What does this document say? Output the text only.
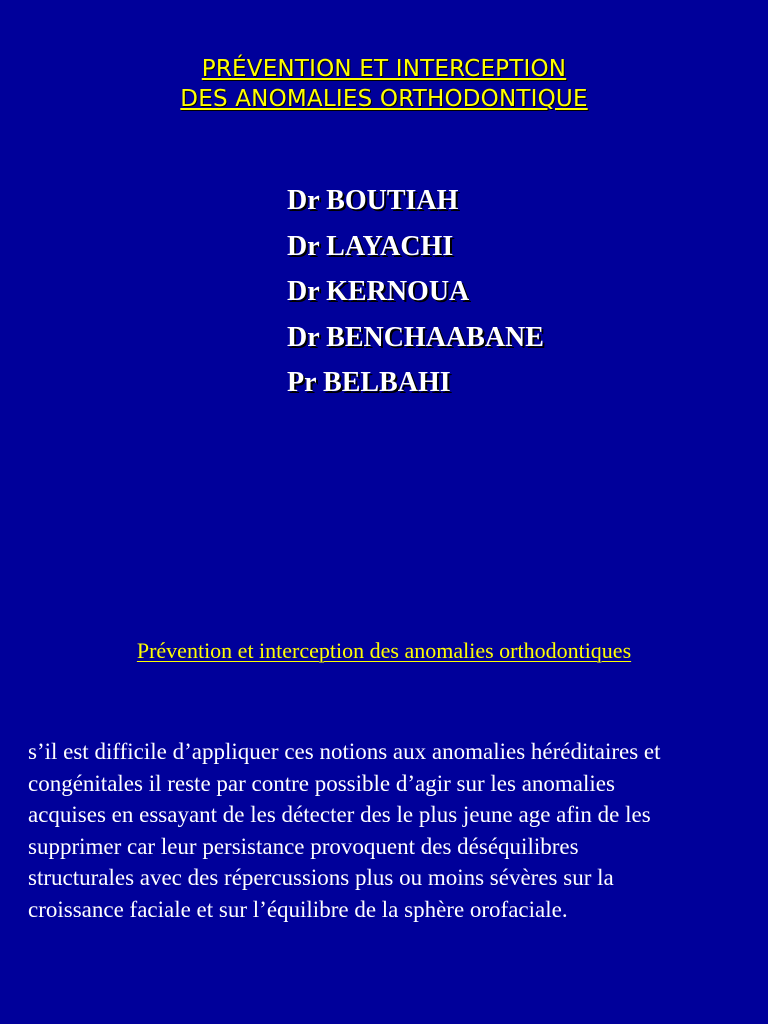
PRÉVENTION ET INTERCEPTION
DES ANOMALIES ORTHODONTIQUE
Dr BOUTIAH
Dr LAYACHI
Dr KERNOUA
Dr BENCHAABANE
Pr BELBAHI
Prévention et interception des anomalies orthodontiques

s’il est difficile d’appliquer ces notions aux anomalies héréditaires et
congénitales il reste par contre possible d’agir sur les anomalies
acquises en essayant de les détecter des le plus jeune age afin de les
supprimer car leur persistance provoquent des déséquilibres
structurales avec des répercussions plus ou moins sévères sur la
croissance faciale et sur l’équilibre de la sphère orofaciale.
